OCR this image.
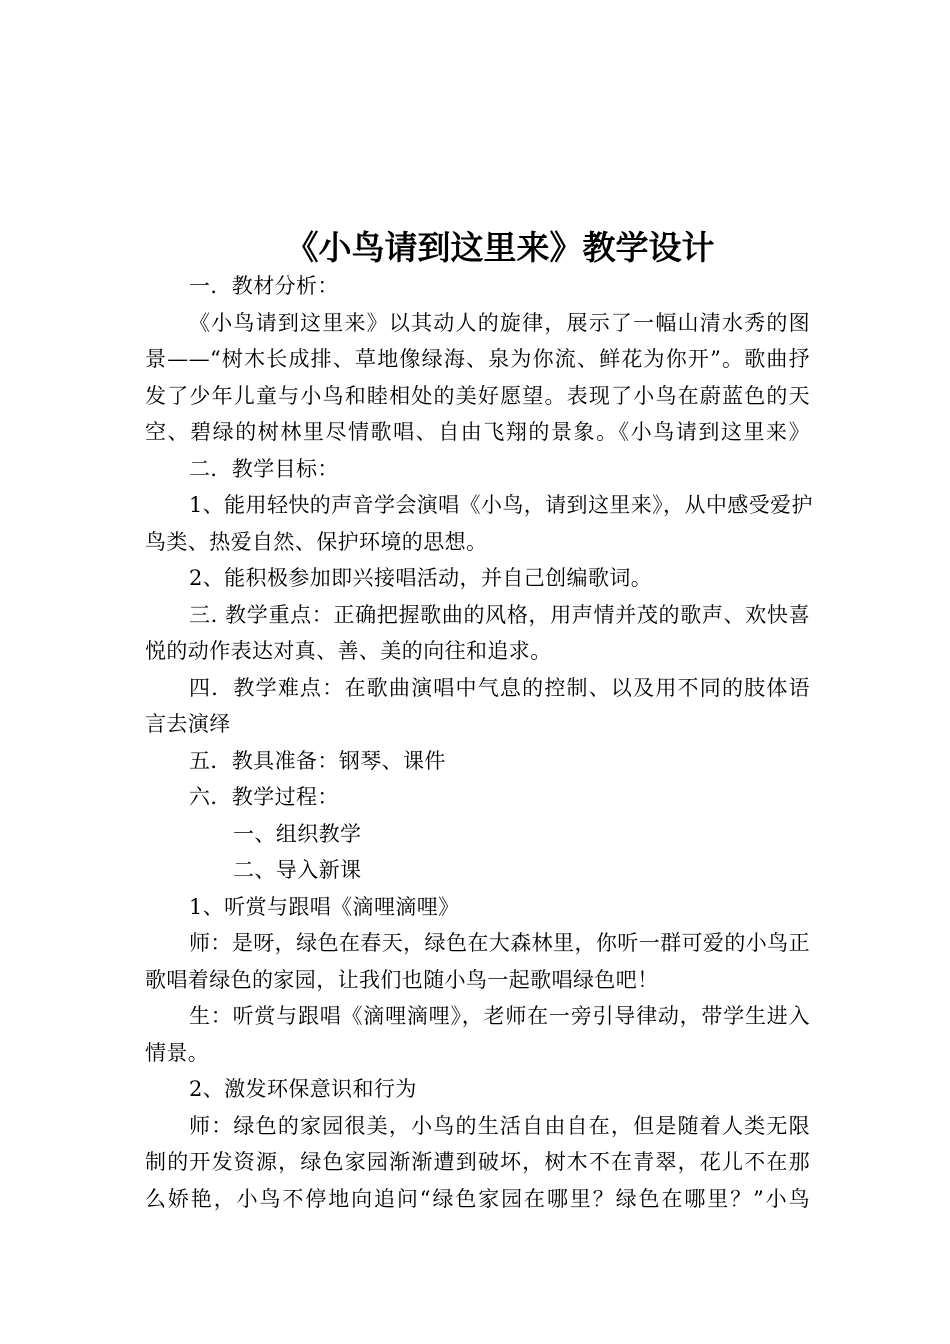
《小鸟请到这里来》教学设计
一．教材分析：
《小鸟请到这里来》以其动人的旋律，展示了一幅山清水秀的图
景——“树木长成排、草地像绿海、泉为你流、鲜花为你开”。歌曲抒
发了少年儿童与小鸟和睦相处的美好愿望。表现了小鸟在蔚蓝色的天
空、碧绿的树林里尽情歌唱、自由飞翔的景象。《小鸟请到这里来》
二．教学目标：
1、能用轻快的声音学会演唱《小鸟，请到这里来》，从中感受爱护
鸟类、热爱自然、保护环境的思想。
2、能积极参加即兴接唱活动，并自己创编歌词。
三. 教学重点：正确把握歌曲的风格，用声情并茂的歌声、欢快喜
悦的动作表达对真、善、美的向往和追求。
四．教学难点：在歌曲演唱中气息的控制、以及用不同的肢体语
言去演绎
五．教具准备：钢琴、课件
六．教学过程：
一、组织教学
二、导入新课
1、听赏与跟唱《滴哩滴哩》
师：是呀，绿色在春天，绿色在大森林里，你听一群可爱的小鸟正
歌唱着绿色的家园，让我们也随小鸟一起歌唱绿色吧！
生：听赏与跟唱《滴哩滴哩》，老师在一旁引导律动，带学生进入
情景。
2、激发环保意识和行为
师：绿色的家园很美，小鸟的生活自由自在，但是随着人类无限
制的开发资源，绿色家园渐渐遭到破坏，树木不在青翠，花儿不在那
么娇艳，小鸟不停地向追问“绿色家园在哪里？绿色在哪里？”小鸟
